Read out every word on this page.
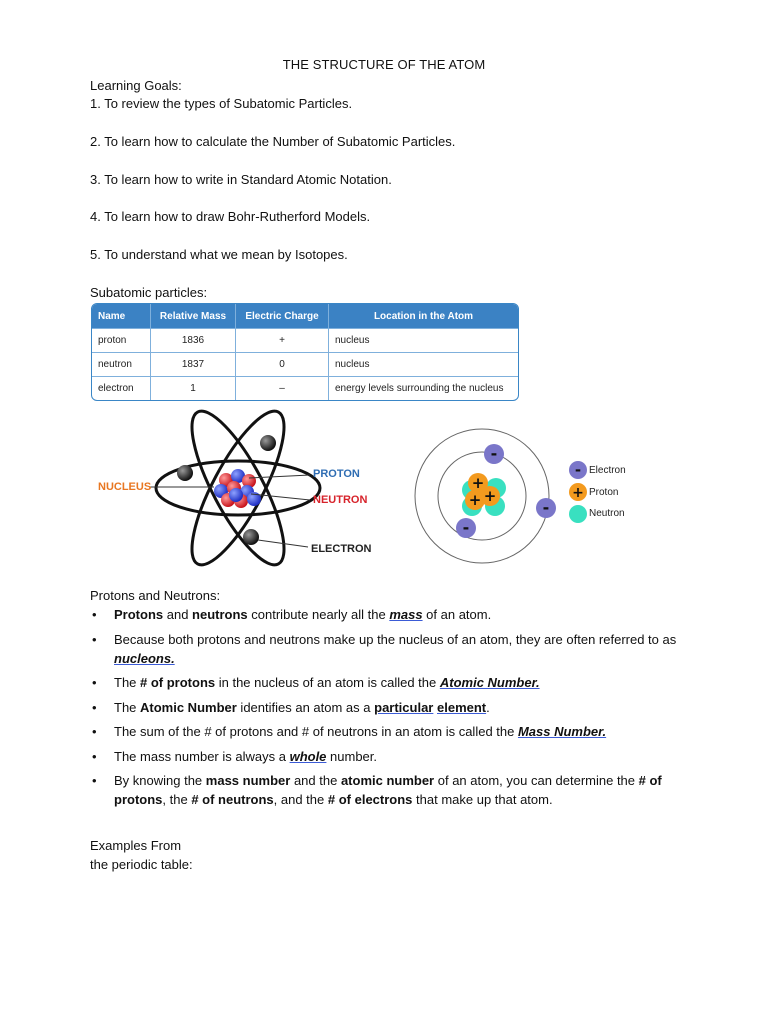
THE STRUCTURE OF THE ATOM
Learning Goals:
1. To review the types of Subatomic Particles.
2. To learn how to calculate the Number of Subatomic Particles.
3. To learn how to write in Standard Atomic Notation.
4. To learn how to draw Bohr-Rutherford Models.
5. To understand what we mean by Isotopes.
Subatomic particles:
Name	Relative Mass	Electric Charge	Location in the Atom
proton	1836	+	nucleus
neutron	1837	0	nucleus
electron	1	–	energy levels surrounding the nucleus
NUCLEUS
PROTON
NEUTRON
ELECTRON
+
+
+
-
-
-
-
+
Electron
Proton
Neutron
Protons and Neutrons:
• Protons and neutrons contribute nearly all the mass of an atom.
• Because both protons and neutrons make up the nucleus of an atom, they are often referred to as nucleons.
• The # of protons in the nucleus of an atom is called the Atomic Number.
• The Atomic Number identifies an atom as a particular element.
• The sum of the # of protons and # of neutrons in an atom is called the Mass Number.
• The mass number is always a whole number.
• By knowing the mass number and the atomic number of an atom, you can determine the # of protons, the # of neutrons, and the # of electrons that make up that atom.
Examples From
the periodic table:
